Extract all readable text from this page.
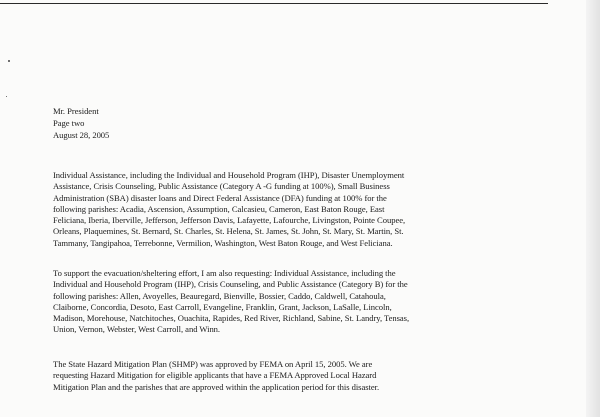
Mr. President
Page two
August 28, 2005
Individual Assistance, including the Individual and Household Program (IHP), Disaster Unemployment
Assistance, Crisis Counseling, Public Assistance (Category A -G funding at 100%), Small Business
Administration (SBA) disaster loans and Direct Federal Assistance (DFA) funding at 100% for the
following parishes: Acadia, Ascension, Assumption, Calcasieu, Cameron, East Baton Rouge, East
Feliciana, Iberia, Iberville, Jefferson, Jefferson Davis, Lafayette, Lafourche, Livingston, Pointe Coupee,
Orleans, Plaquemines, St. Bernard, St. Charles, St. Helena, St. James, St. John, St. Mary, St. Martin, St.
Tammany, Tangipahoa, Terrebonne, Vermilion, Washington, West Baton Rouge, and West Feliciana.
To support the evacuation/sheltering effort, I am also requesting: Individual Assistance, including the
Individual and Household Program (IHP), Crisis Counseling, and Public Assistance (Category B) for the
following parishes: Allen, Avoyelles, Beauregard, Bienville, Bossier, Caddo, Caldwell, Catahoula,
Claiborne, Concordia, Desoto, East Carroll, Evangeline, Franklin, Grant, Jackson, LaSalle, Lincoln,
Madison, Morehouse, Natchitoches, Ouachita, Rapides, Red River, Richland, Sabine, St. Landry, Tensas,
Union, Vernon, Webster, West Carroll, and Winn.
The State Hazard Mitigation Plan (SHMP) was approved by FEMA on April 15, 2005. We are
requesting Hazard Mitigation for eligible applicants that have a FEMA Approved Local Hazard
Mitigation Plan and the parishes that are approved within the application period for this disaster.
